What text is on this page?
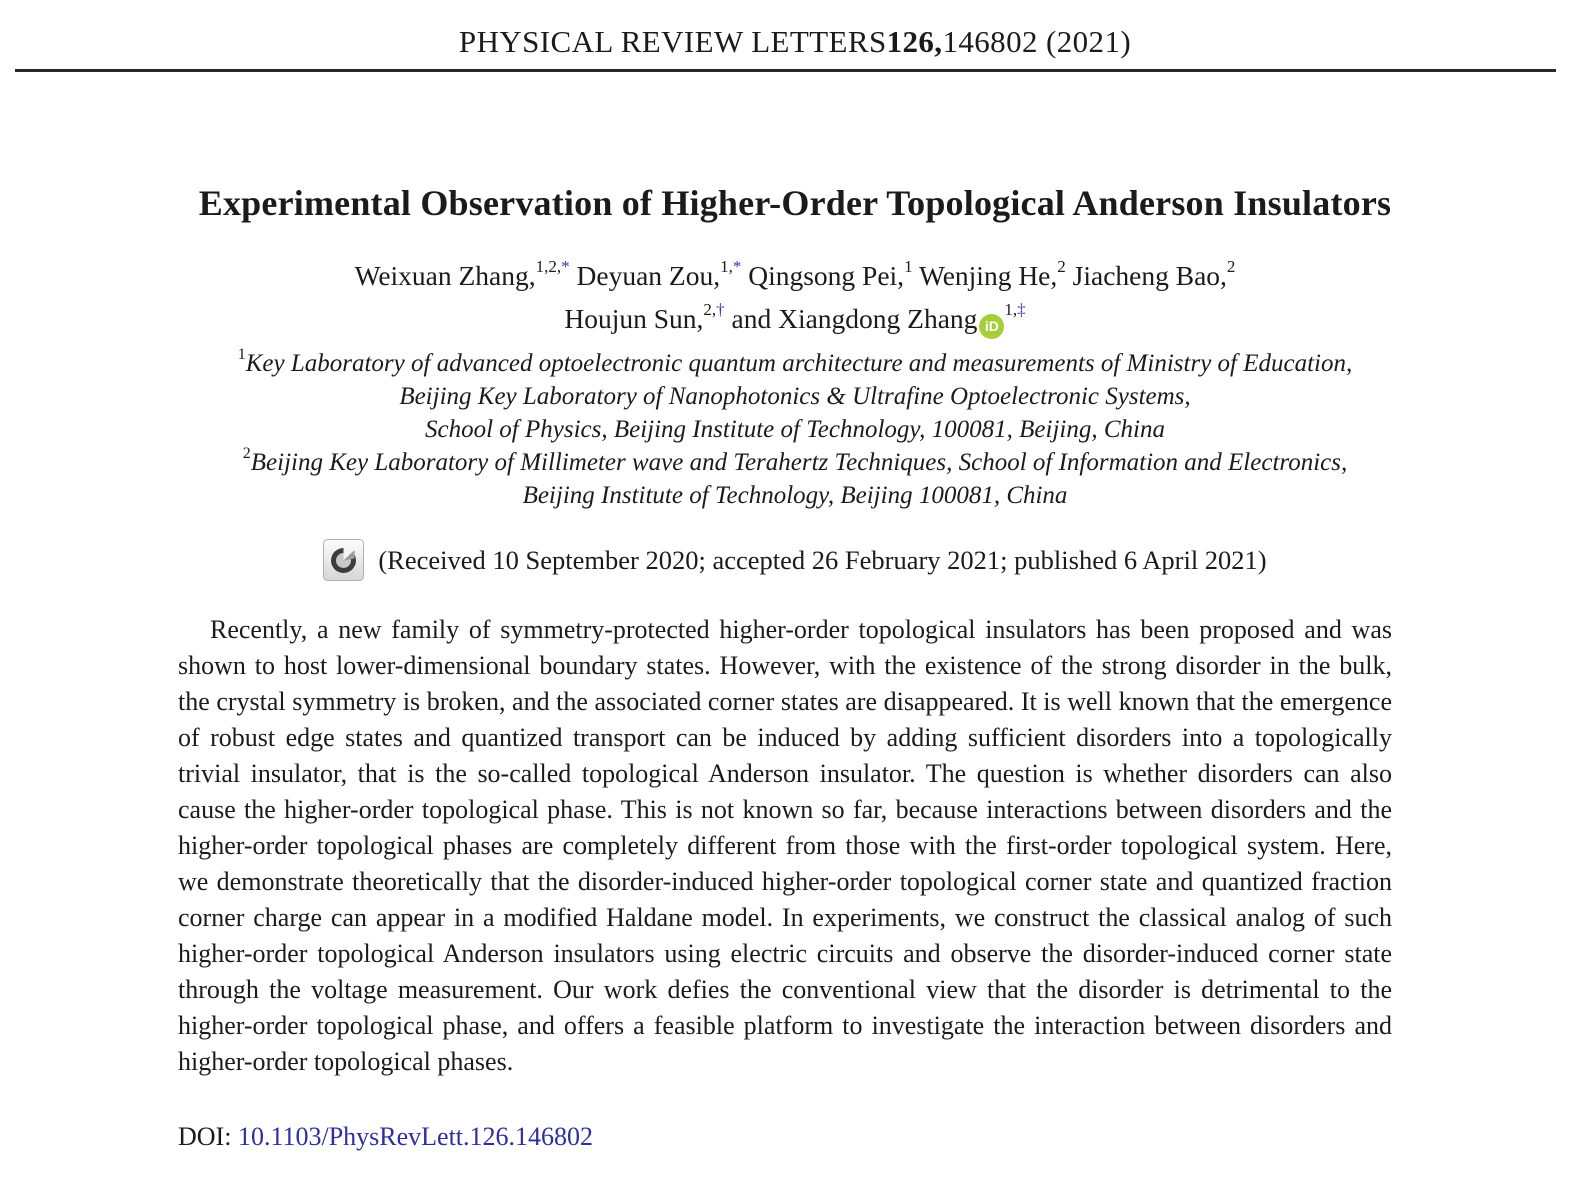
PHYSICAL REVIEW LETTERS126,146802 (2021)
Experimental Observation of Higher-Order Topological Anderson Insulators
Weixuan Zhang,$^{1,2,*}$ Deyuan Zou,$^{1,*}$ Qingsong Pei,$^1$ Wenjing He,$^2$ Jiacheng Bao,$^2$
Houjun Sun,$^{2,\dagger}$ and Xiangdong Zhang $iD^{1,\ddagger}$
$^1$Key Laboratory of advanced optoelectronic quantum architecture and measurements of Ministry of Education,
Beijing Key Laboratory of Nanophotonics & Ultrafine Optoelectronic Systems,
School of Physics, Beijing Institute of Technology, 100081, Beijing, China
$^2$Beijing Key Laboratory of Millimeter wave and Terahertz Techniques, School of Information and Electronics,
Beijing Institute of Technology, Beijing 100081, China
(Received 10 September 2020; accepted 26 February 2021; published 6 April 2021)

Recently, a new family of symmetry-protected higher-order topological insulators has been proposed and was shown to host lower-dimensional boundary states. However, with the existence of the strong disorder in the bulk, the crystal symmetry is broken, and the associated corner states are disappeared. It is well known that the emergence of robust edge states and quantized transport can be induced by adding sufficient disorders into a topologically trivial insulator, that is the so-called topological Anderson insulator. The question is whether disorders can also cause the higher-order topological phase. This is not known so far, because interactions between disorders and the higher-order topological phases are completely different from those with the first-order topological system. Here, we demonstrate theoretically that the disorder-induced higher-order topological corner state and quantized fraction corner charge can appear in a modified Haldane model. In experiments, we construct the classical analog of such higher-order topological Anderson insulators using electric circuits and observe the disorder-induced corner state through the voltage measurement. Our work defies the conventional view that the disorder is detrimental to the higher-order topological phase, and offers a feasible platform to investigate the interaction between disorders and higher-order topological phases.

DOI: 10.1103/PhysRevLett.126.146802
